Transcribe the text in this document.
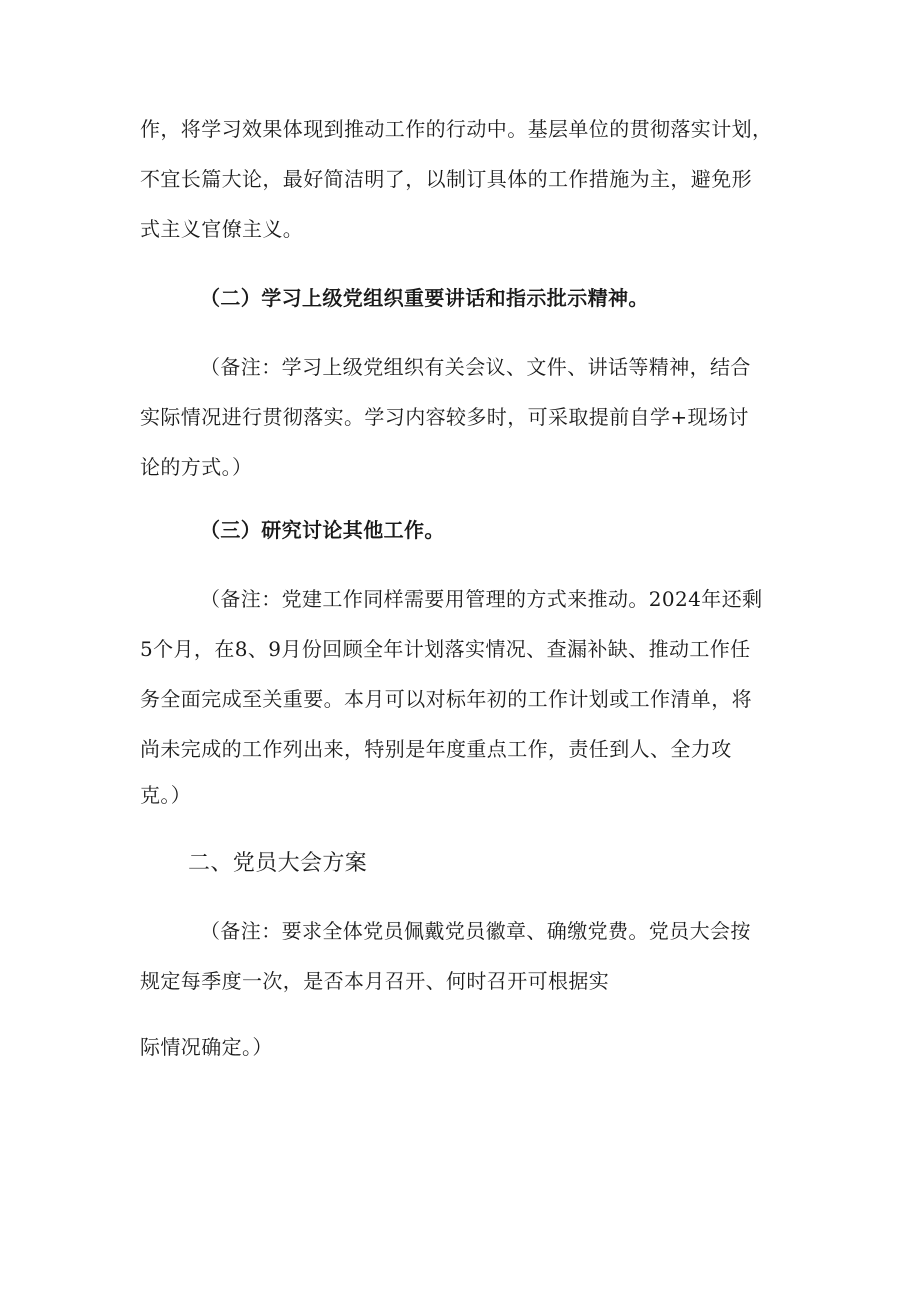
作，将学习效果体现到推动工作的行动中。基层单位的贯彻落实计划，
不宜长篇大论，最好简洁明了，以制订具体的工作措施为主，避免形
式主义官僚主义。
（二）学习上级党组织重要讲话和指示批示精神。
（备注：学习上级党组织有关会议、文件、讲话等精神，结合
实际情况进行贯彻落实。学习内容较多时，可采取提前自学+现场讨
论的方式。）
（三）研究讨论其他工作。
（备注：党建工作同样需要用管理的方式来推动。2024年还剩
5个月，在8、9月份回顾全年计划落实情况、查漏补缺、推动工作任
务全面完成至关重要。本月可以对标年初的工作计划或工作清单，将
尚未完成的工作列出来，特别是年度重点工作，责任到人、全力攻
克。）
二、党员大会方案
（备注：要求全体党员佩戴党员徽章、确缴党费。党员大会按
规定每季度一次，是否本月召开、何时召开可根据实
际情况确定。）
